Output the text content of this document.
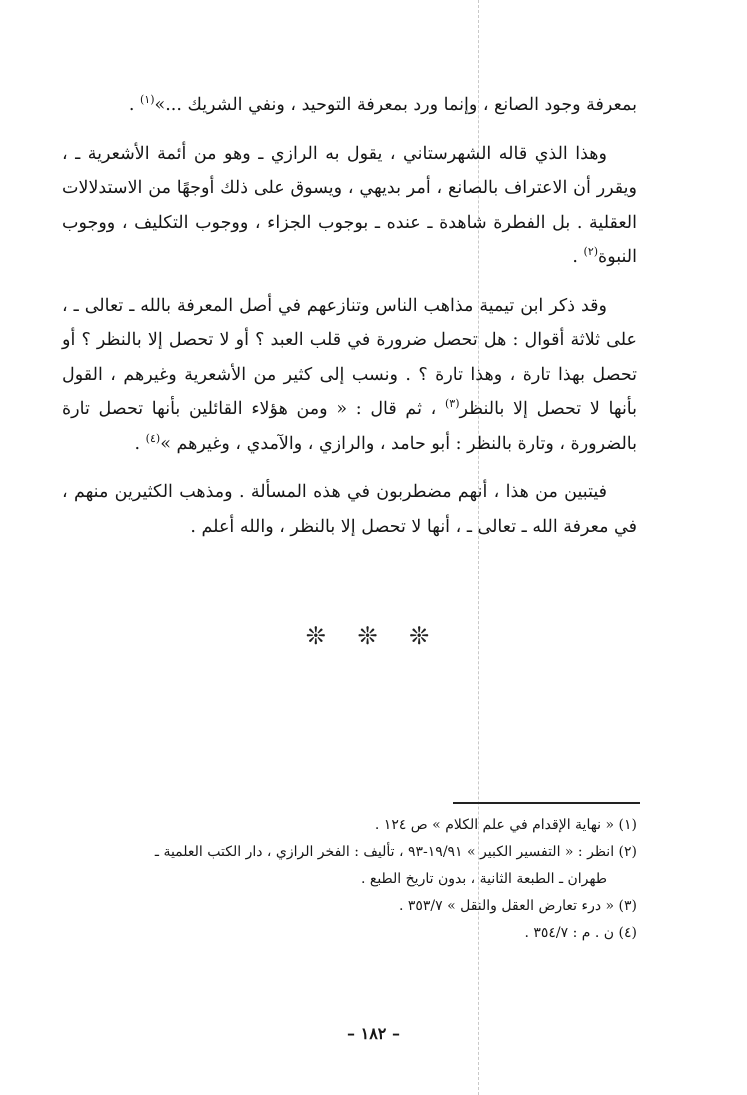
بمعرفة وجود الصانع ، وإنما ورد بمعرفة التوحيد ، ونفي الشريك ...»$^{(١)}$ .

وهذا الذي قاله الشهرستاني ، يقول به الرازي ـ وهو من أئمة الأشعرية ـ ، ويقرر أن الاعتراف بالصانع ، أمر بديهي ، ويسوق على ذلك أوجهًا من الاستدلالات العقلية . بل الفطرة شاهدة ـ عنده ـ بوجوب الجزاء ، ووجوب التكليف ، ووجوب النبوة$^{(٢)}$ .

وقد ذكر ابن تيمية مذاهب الناس وتنازعهم في أصل المعرفة بالله ـ تعالى ـ ، على ثلاثة أقوال : هل تحصل ضرورة في قلب العبد ؟ أو لا تحصل إلا بالنظر ؟ أو تحصل بهذا تارة ، وهذا تارة ؟ . ونسب إلى كثير من الأشعرية وغيرهم ، القول بأنها لا تحصل إلا بالنظر$^{(٣)}$ ، ثم قال : « ومن هؤلاء القائلين بأنها تحصل تارة بالضرورة ، وتارة بالنظر : أبو حامد ، والرازي ، والآمدي ، وغيرهم »$^{(٤)}$ .

فيتبين من هذا ، أنهم مضطربون في هذه المسألة . ومذهب الكثيرين منهم ، في معرفة الله ـ تعالى ـ ، أنها لا تحصل إلا بالنظر ، والله أعلم .

❊ ❊ ❊

(١) « نهاية الإقدام في علم الكلام » ص ١٢٤ .

(٢) انظر : « التفسير الكبير » ١٩/٩١-٩٣ ، تأليف : الفخر الرازي ، دار الكتب العلمية ـ

طهران ـ الطبعة الثانية ، بدون تاريخ الطبع .

(٣) « درء تعارض العقل والنقل » ٣٥٣/٧ .

(٤) ن . م : ٣٥٤/٧ .

– ١٨٢ –
